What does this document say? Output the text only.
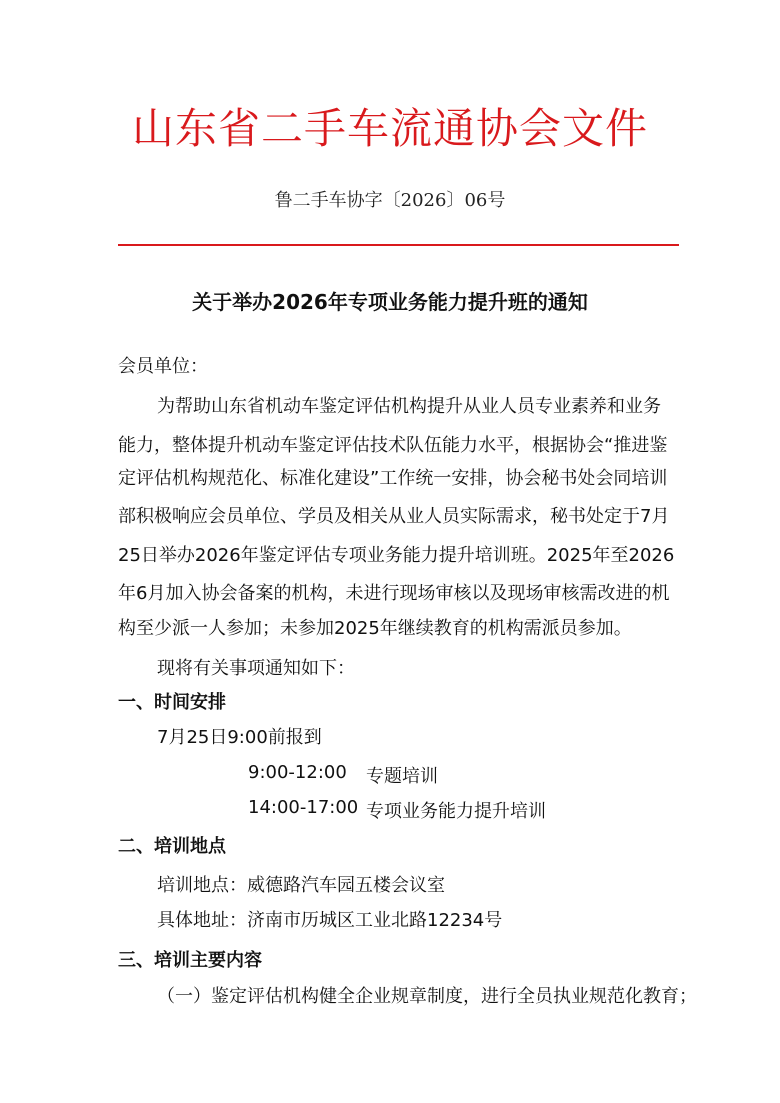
山东省二手车流通协会文件
鲁二手车协字〔2026〕06号
关于举办2026年专项业务能力提升班的通知
会员单位：
为帮助山东省机动车鉴定评估机构提升从业人员专业素养和业务
能力，整体提升机动车鉴定评估技术队伍能力水平，根据协会“推进鉴
定评估机构规范化、标准化建设”工作统一安排，协会秘书处会同培训
部积极响应会员单位、学员及相关从业人员实际需求，秘书处定于7月
25日举办2026年鉴定评估专项业务能力提升培训班。2025年至2026
年6月加入协会备案的机构，未进行现场审核以及现场审核需改进的机
构至少派一人参加；未参加2025年继续教育的机构需派员参加。
现将有关事项通知如下：
一、时间安排
7月25日9:00前报到
9:00-12:00 专题培训
14:00-17:00 专项业务能力提升培训
二、培训地点
培训地点：威德路汽车园五楼会议室
具体地址：济南市历城区工业北路12234号
三、培训主要内容
（一）鉴定评估机构健全企业规章制度，进行全员执业规范化教育；
